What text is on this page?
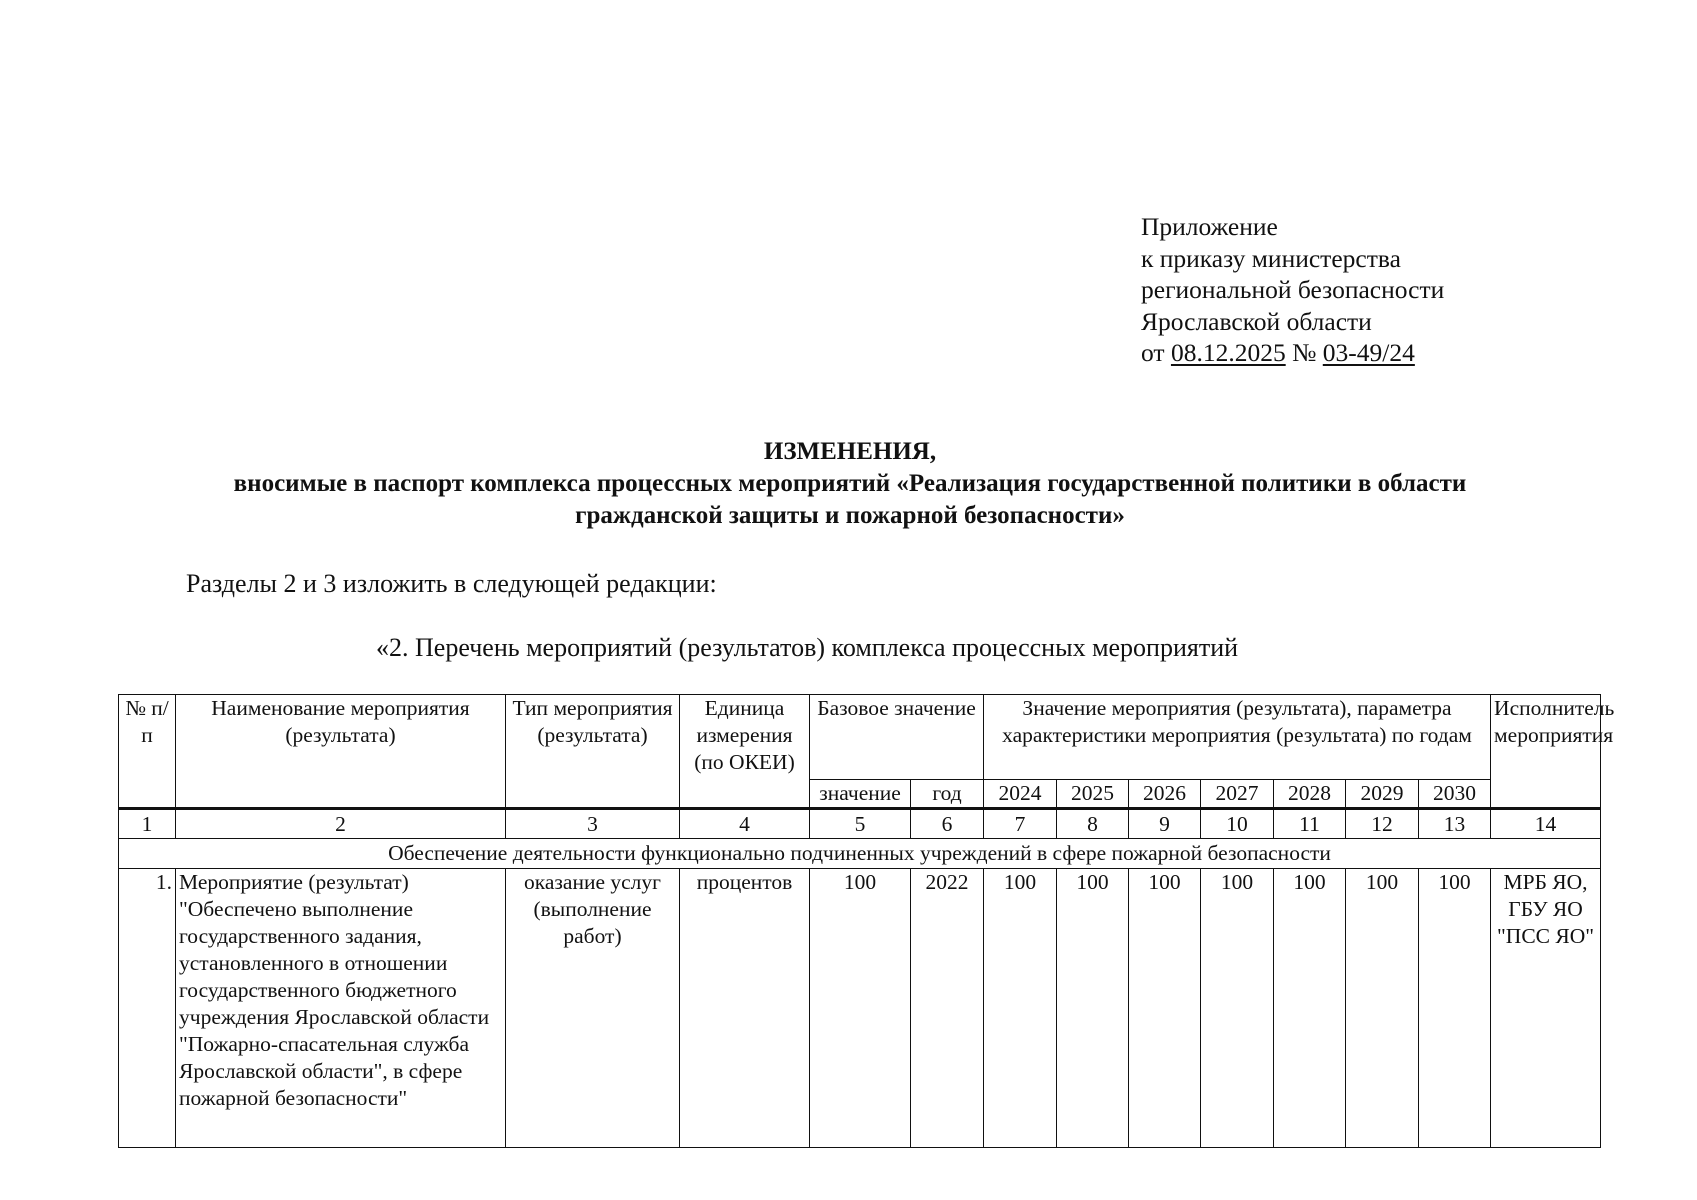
Приложение
к приказу министерства
региональной безопасности
Ярославской области
от 08.12.2025 № 03-49/24
ИЗМЕНЕНИЯ,
вносимые в паспорт комплекса процессных мероприятий «Реализация государственной политики в области
гражданской защиты и пожарной безопасности»
Разделы 2 и 3 изложить в следующей редакции:
«2. Перечень мероприятий (результатов) комплекса процессных мероприятий
№ п/п	Наименование мероприятия (результата)	Тип мероприятия (результата)	Единица измерения (по ОКЕИ)	Базовое значение		Значение мероприятия (результата), параметра характеристики мероприятия (результата) по годам							Исполнитель мероприятия
				значение	год	2024	2025	2026	2027	2028	2029	2030	
1	2	3	4	5	6	7	8	9	10	11	12	13	14
Обеспечение деятельности функционально подчиненных учреждений в сфере пожарной безопасности													
1.	Мероприятие (результат) "Обеспечено выполнение государственного задания, установленного в отношении государственного бюджетного учреждения Ярославской области "Пожарно-спасательная служба Ярославской области", в сфере пожарной безопасности"	оказание услуг (выполнение работ)	процентов	100	2022	100	100	100	100	100	100	100	МРБ ЯО, ГБУ ЯО "ПСС ЯО"
